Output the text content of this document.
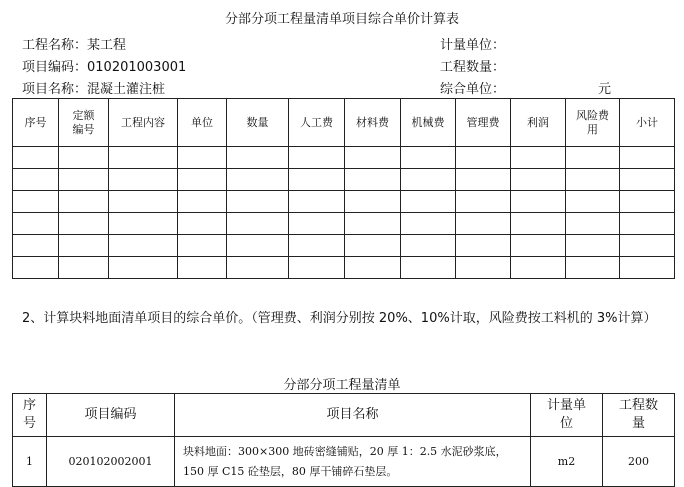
分部分项工程量清单项目综合单价计算表
工程名称：某工程
项目编码：010201003001
项目名称：混凝土灌注桩
计量单位：
工程数量：
综合单位：	元
序号	定额编号	工程内容	单位	数量	人工费	材料费	机械费	管理费	利润	风险费用	小计

2、计算块料地面清单项目的综合单价。（管理费、利润分别按 20%、10%计取，风险费按工料机的 3%计算）
分部分项工程量清单
序号	项目编码	项目名称	计量单位	工程数量
1	020102002001	块料地面：300×300 地砖密缝铺贴，20 厚 1：2.5 水泥砂浆底，
150 厚 C15 砼垫层，80 厚干铺碎石垫层。	m2	200
